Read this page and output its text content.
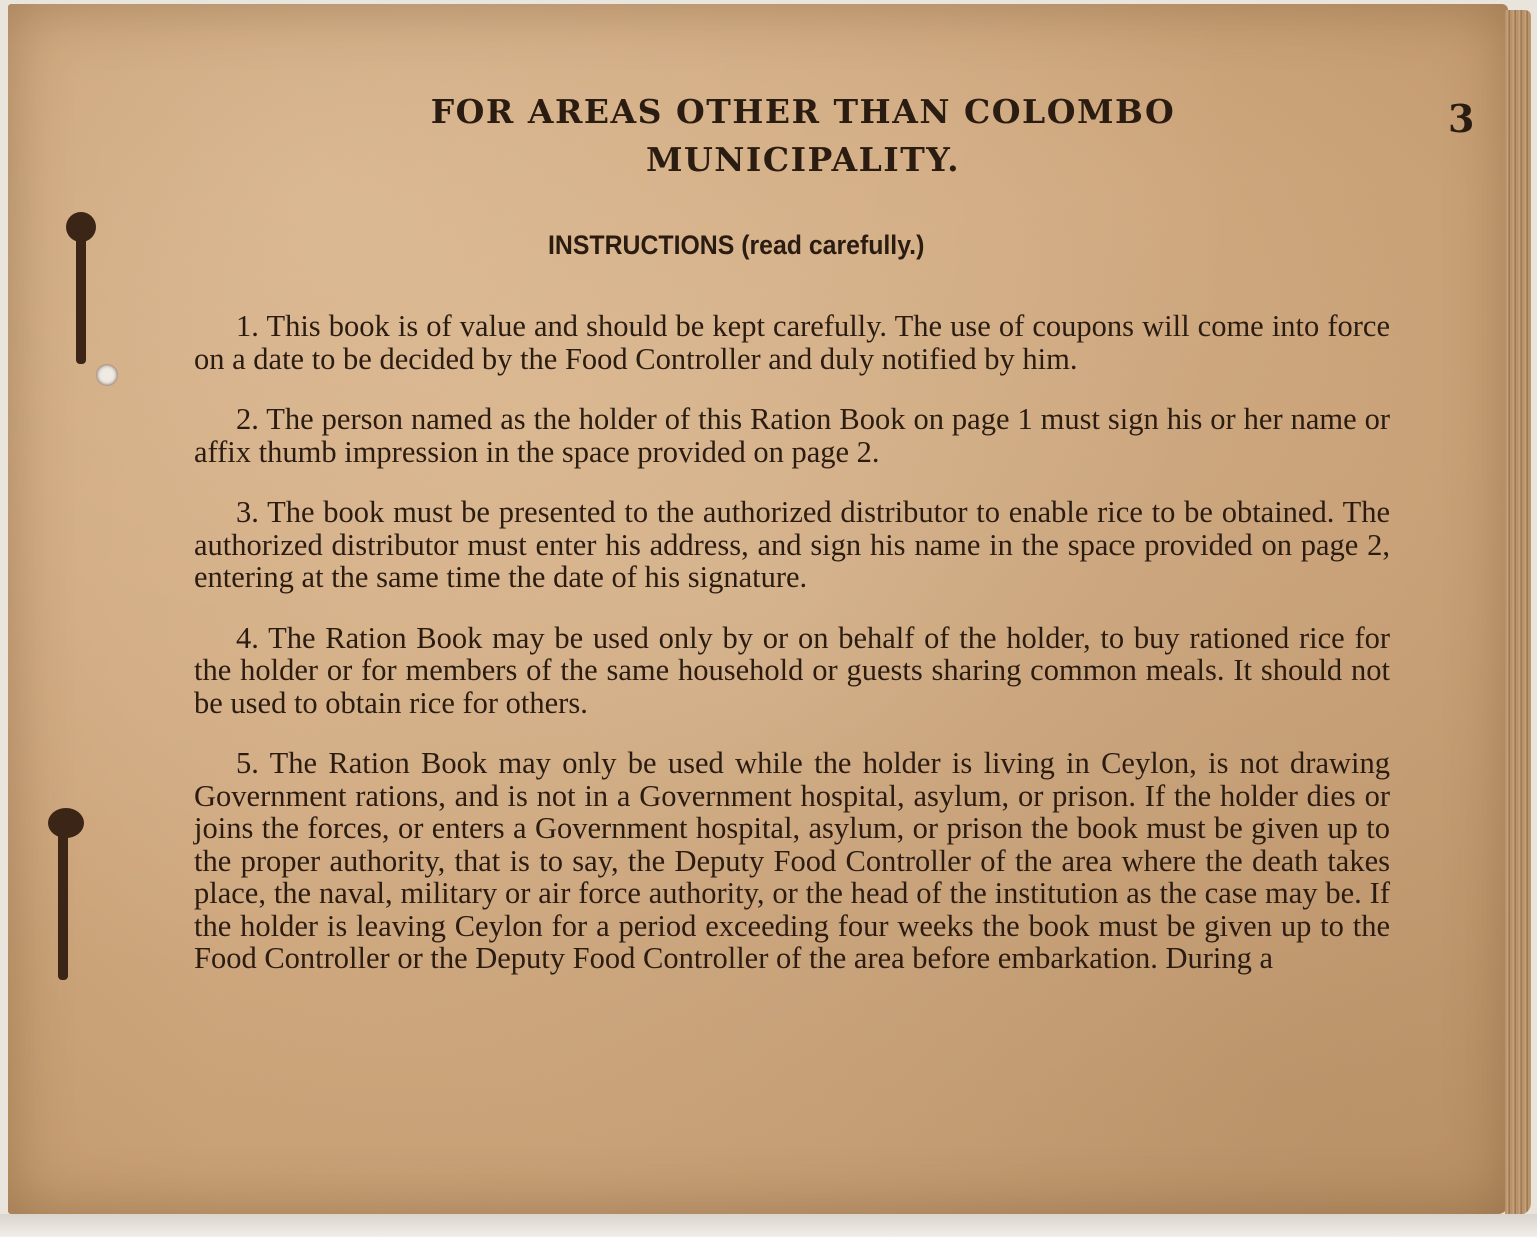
FOR AREAS OTHER THAN COLOMBO MUNICIPALITY.
3
INSTRUCTIONS (read carefully.)
1. This book is of value and should be kept carefully. The use of coupons will come into force on a date to be decided by the Food Controller and duly notified by him.
2. The person named as the holder of this Ration Book on page 1 must sign his or her name or affix thumb impression in the space provided on page 2.
3. The book must be presented to the authorized distributor to enable rice to be obtained. The authorized distributor must enter his address, and sign his name in the space provided on page 2, entering at the same time the date of his signature.
4. The Ration Book may be used only by or on behalf of the holder, to buy rationed rice for the holder or for members of the same household or guests sharing common meals. It should not be used to obtain rice for others.
5. The Ration Book may only be used while the holder is living in Ceylon, is not drawing Government rations, and is not in a Government hospital, asylum, or prison. If the holder dies or joins the forces, or enters a Government hospital, asylum, or prison the book must be given up to the proper authority, that is to say, the Deputy Food Controller of the area where the death takes place, the naval, military or air force authority, or the head of the institution as the case may be. If the holder is leaving Ceylon for a period exceeding four weeks the book must be given up to the Food Controller or the Deputy Food Controller of the area before embarkation. During a
